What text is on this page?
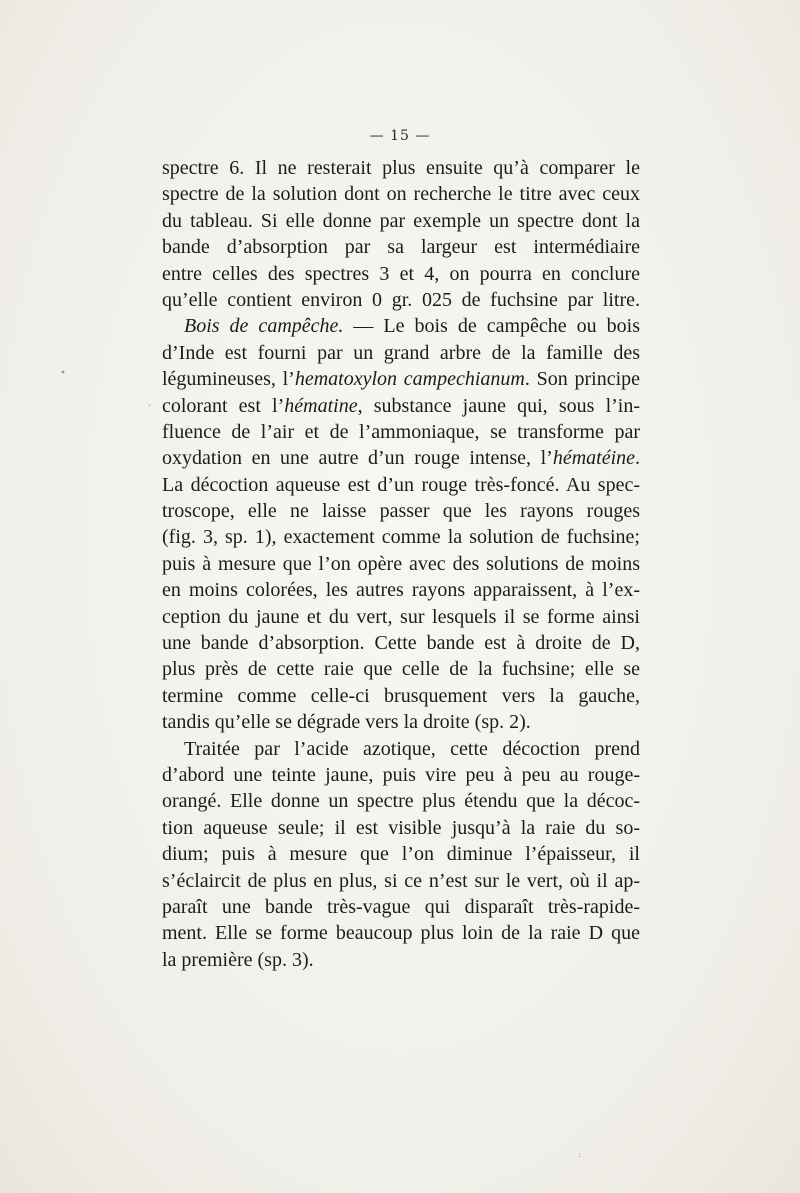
— 15 —
spectre 6. Il ne resterait plus ensuite qu’à comparer le
spectre de la solution dont on recherche le titre avec ceux
du tableau. Si elle donne par exemple un spectre dont la
bande d’absorption par sa largeur est intermédiaire
entre celles des spectres 3 et 4, on pourra en conclure
qu’elle contient environ 0 gr. 025 de fuchsine par litre.
Bois de campêche. — Le bois de campêche ou bois
d’Inde est fourni par un grand arbre de la famille des
légumineuses, l’hematoxylon campechianum. Son principe
colorant est l’hématine, substance jaune qui, sous l’in-
fluence de l’air et de l’ammoniaque, se transforme par
oxydation en une autre d’un rouge intense, l’hématéine.
La décoction aqueuse est d’un rouge très-foncé. Au spec-
troscope, elle ne laisse passer que les rayons rouges
(fig. 3, sp. 1), exactement comme la solution de fuchsine;
puis à mesure que l’on opère avec des solutions de moins
en moins colorées, les autres rayons apparaissent, à l’ex-
ception du jaune et du vert, sur lesquels il se forme ainsi
une bande d’absorption. Cette bande est à droite de D,
plus près de cette raie que celle de la fuchsine; elle se
termine comme celle-ci brusquement vers la gauche,
tandis qu’elle se dégrade vers la droite (sp. 2).
Traitée par l’acide azotique, cette décoction prend
d’abord une teinte jaune, puis vire peu à peu au rouge-
orangé. Elle donne un spectre plus étendu que la décoc-
tion aqueuse seule; il est visible jusqu’à la raie du so-
dium; puis à mesure que l’on diminue l’épaisseur, il
s’éclaircit de plus en plus, si ce n’est sur le vert, où il ap-
paraît une bande très-vague qui disparaît très-rapide-
ment. Elle se forme beaucoup plus loin de la raie D que
la première (sp. 3).
•
.
:
